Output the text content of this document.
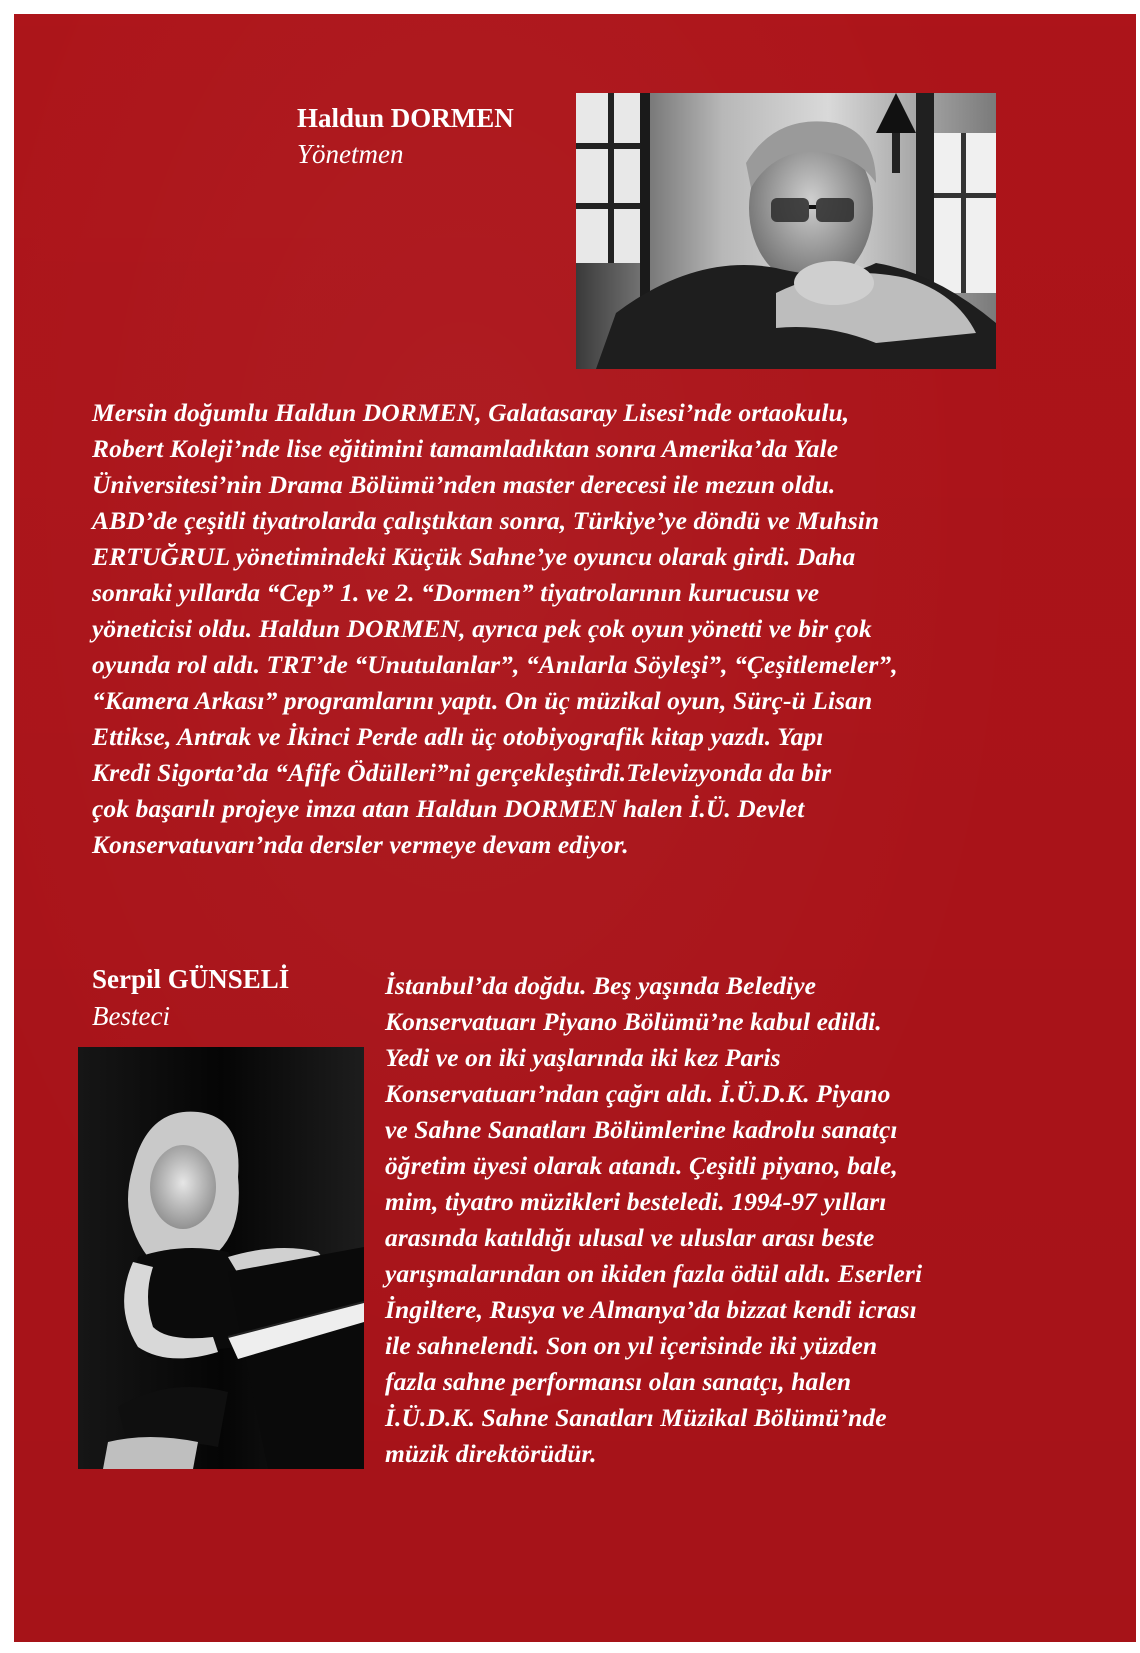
Haldun DORMEN
Yönetmen
Mersin doğumlu Haldun DORMEN, Galatasaray Lisesi’nde ortaokulu,
Robert Koleji’nde lise eğitimini tamamladıktan sonra Amerika’da Yale
Üniversitesi’nin Drama Bölümü’nden master derecesi ile mezun oldu.
ABD’de çeşitli tiyatrolarda çalıştıktan sonra, Türkiye’ye döndü ve Muhsin
ERTUĞRUL yönetimindeki Küçük Sahne’ye oyuncu olarak girdi. Daha
sonraki yıllarda “Cep” 1. ve 2. “Dormen” tiyatrolarının kurucusu ve
yöneticisi oldu. Haldun DORMEN, ayrıca pek çok oyun yönetti ve bir çok
oyunda rol aldı. TRT’de “Unutulanlar”, “Anılarla Söyleşi”, “Çeşitlemeler”,
“Kamera Arkası” programlarını yaptı. On üç müzikal oyun, Sürç-ü Lisan
Ettikse, Antrak ve İkinci Perde adlı üç otobiyografik kitap yazdı. Yapı
Kredi Sigorta’da “Afife Ödülleri”ni gerçekleştirdi.Televizyonda da bir
çok başarılı projeye imza atan Haldun DORMEN halen İ.Ü. Devlet
Konservatuvarı’nda dersler vermeye devam ediyor.
Serpil GÜNSELİ
Besteci
İstanbul’da doğdu. Beş yaşında Belediye
Konservatuarı Piyano Bölümü’ne kabul edildi.
Yedi ve on iki yaşlarında iki kez Paris
Konservatuarı’ndan çağrı aldı. İ.Ü.D.K. Piyano
ve Sahne Sanatları Bölümlerine kadrolu sanatçı
öğretim üyesi olarak atandı. Çeşitli piyano, bale,
mim, tiyatro müzikleri besteledi. 1994-97 yılları
arasında katıldığı ulusal ve uluslar arası beste
yarışmalarından on ikiden fazla ödül aldı. Eserleri
İngiltere, Rusya ve Almanya’da bizzat kendi icrası
ile sahnelendi. Son on yıl içerisinde iki yüzden
fazla sahne performansı olan sanatçı, halen
İ.Ü.D.K. Sahne Sanatları Müzikal Bölümü’nde
müzik direktörüdür.
